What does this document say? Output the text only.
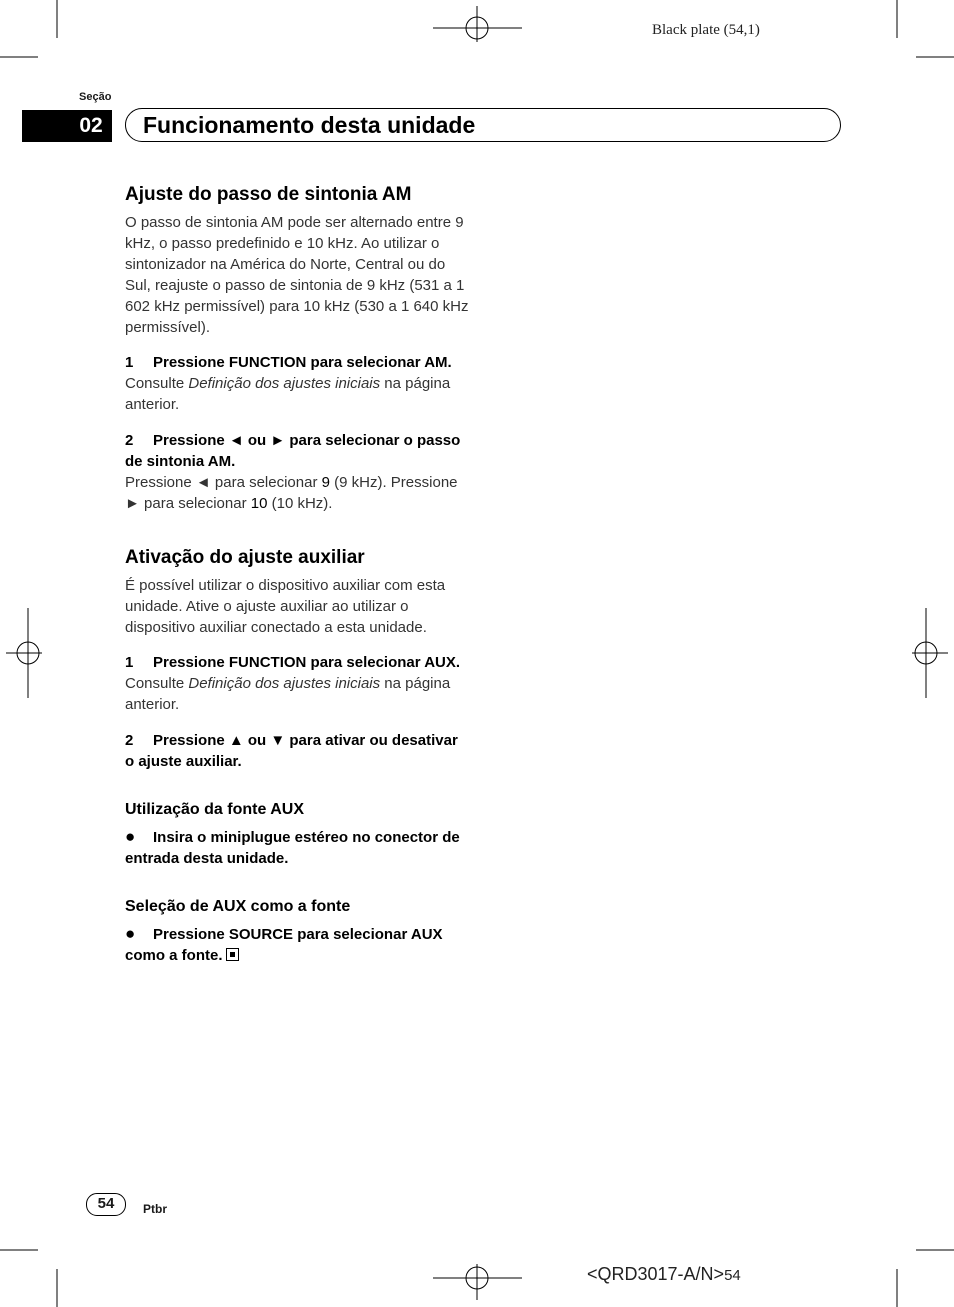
Black plate (54,1)
Seção
02	Funcionamento desta unidade
Ajuste do passo de sintonia AM

O passo de sintonia AM pode ser alternado entre 9 kHz, o passo predefinido e 10 kHz. Ao utilizar o sintonizador na América do Norte, Central ou do Sul, reajuste o passo de sintonia de 9 kHz (531 a 1 602 kHz permissível) para 10 kHz (530 a 1 640 kHz permissível).

1 Pressione FUNCTION para selecionar AM.

Consulte Definição dos ajustes iniciais na página anterior.

2 Pressione ◄ ou ► para selecionar o passo de sintonia AM.

Pressione ◄ para selecionar 9 (9 kHz). Pressione ► para selecionar 10 (10 kHz).

Ativação do ajuste auxiliar

É possível utilizar o dispositivo auxiliar com esta unidade. Ative o ajuste auxiliar ao utilizar o dispositivo auxiliar conectado a esta unidade.

1 Pressione FUNCTION para selecionar AUX.

Consulte Definição dos ajustes iniciais na página anterior.

2 Pressione ▲ ou ▼ para ativar ou desativar o ajuste auxiliar.

Utilização da fonte AUX

● Insira o miniplugue estéreo no conector de entrada desta unidade.

Seleção de AUX como a fonte

● Pressione SOURCE para selecionar AUX como a fonte.

54	Ptbr
<QRD3017-A/N>54
